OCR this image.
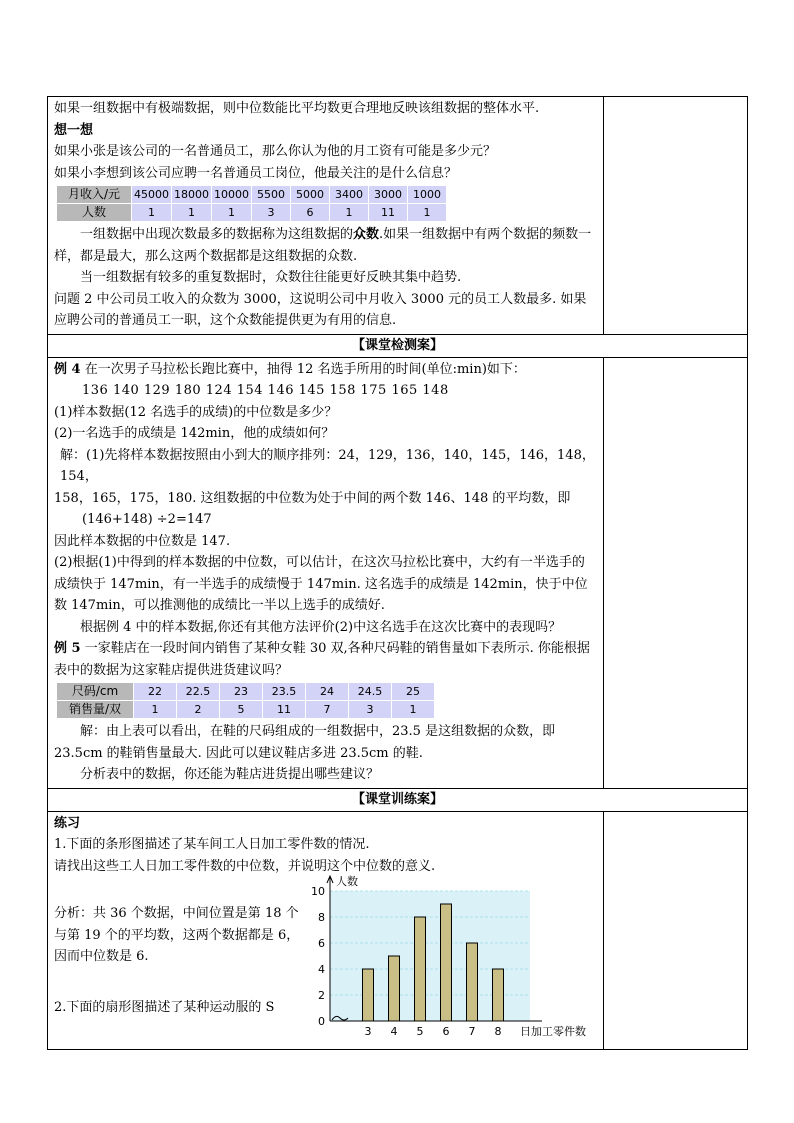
如果一组数据中有极端数据，则中位数能比平均数更合理地反映该组数据的整体水平.

想一想

如果小张是该公司的一名普通员工，那么你认为他的月工资有可能是多少元？

如果小李想到该公司应聘一名普通员工岗位，他最关注的是什么信息？

月收入/元	45000	18000	10000	5500	5000	3400	3000	1000
人数	1	1	1	3	6	1	11	1

一组数据中出现次数最多的数据称为这组数据的众数.如果一组数据中有两个数据的频数一样，都是最大，那么这两个数据都是这组数据的众数.

当一组数据有较多的重复数据时，众数往往能更好反映其集中趋势.

问题 2 中公司员工收入的众数为 3000，这说明公司中月收入 3000 元的员工人数最多. 如果应聘公司的普通员工一职，这个众数能提供更为有用的信息.

【课堂检测案】

例 4 在一次男子马拉松长跑比赛中，抽得 12 名选手所用的时间(单位:min)如下：

136 140 129 180 124 154 146 145 158 175 165 148

(1)样本数据(12 名选手的成绩)的中位数是多少？

(2)一名选手的成绩是 142min，他的成绩如何？

解：(1)先将样本数据按照由小到大的顺序排列：24，129，136，140，145，146，148，154，

158，165，175，180. 这组数据的中位数为处于中间的两个数 146、148 的平均数，即

(146+148) ÷2=147

因此样本数据的中位数是 147.

(2)根据(1)中得到的样本数据的中位数，可以估计，在这次马拉松比赛中，大约有一半选手的成绩快于 147min，有一半选手的成绩慢于 147min. 这名选手的成绩是 142min，快于中位数 147min，可以推测他的成绩比一半以上选手的成绩好.

根据例 4 中的样本数据,你还有其他方法评价(2)中这名选手在这次比赛中的表现吗？

例 5 一家鞋店在一段时间内销售了某种女鞋 30 双,各种尺码鞋的销售量如下表所示. 你能根据表中的数据为这家鞋店提供进货建议吗？

尺码/cm	22	22.5	23	23.5	24	24.5	25
销售量/双	1	2	5	11	7	3	1

解：由上表可以看出，在鞋的尺码组成的一组数据中，23.5 是这组数据的众数，即 23.5cm 的鞋销售量最大. 因此可以建议鞋店多进 23.5cm 的鞋.

分析表中的数据，你还能为鞋店进货提出哪些建议？

【课堂训练案】

练习

1.下面的条形图描述了某车间工人日加工零件数的情况.

请找出这些工人日加工零件数的中位数，并说明这个中位数的意义.

分析：共 36 个数据，中间位置是第 18 个与第 19 个的平均数，这两个数据都是 6，因而中位数是 6.

2.下面的扇形图描述了某种运动服的 S

0
2
4
6
8
10
3 4 5 6 7 8
人数
日加工零件数
